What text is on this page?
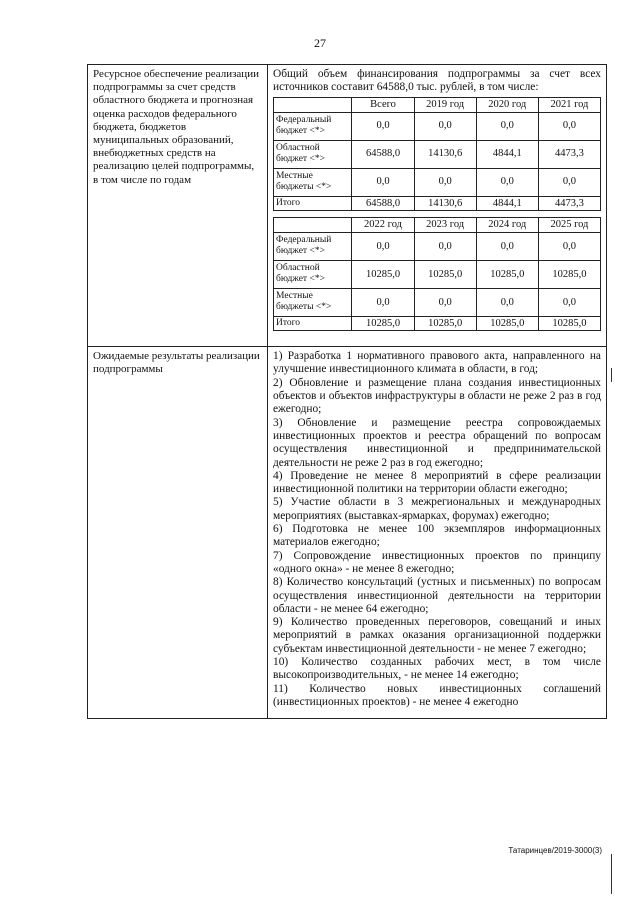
27
Ресурсное обеспечение реализации подпрограммы за счет средств областного бюджета и прогнозная оценка расходов федерального бюджета, бюджетов муниципальных образований, внебюджетных средств на реализацию целей подпрограммы, в том числе по годам	
Общий объем финансирования подпрограммы за счет всех источников составит 64588,0 тыс. рублей, в том числе:
	Всего	2019 год	2020 год	2021 год
Федеральный бюджет <*>	0,0	0,0	0,0	0,0
Областной бюджет <*>	64588,0	14130,6	4844,1	4473,3
Местные бюджеты <*>	0,0	0,0	0,0	0,0
Итого	64588,0	14130,6	4844,1	4473,3
	2022 год	2023 год	2024 год	2025 год
Федеральный бюджет <*>	0,0	0,0	0,0	0,0
Областной бюджет <*>	10285,0	10285,0	10285,0	10285,0
Местные бюджеты <*>	0,0	0,0	0,0	0,0
Итого	10285,0	10285,0	10285,0	10285,0

Ожидаемые результаты реализации подпрограммы	

1) Разработка 1 нормативного правового акта, направленного на улучшение инвестиционного климата в области, в год;

2) Обновление и размещение плана создания инвестиционных объектов и объектов инфраструктуры в области не реже 2 раз в год ежегодно;

3) Обновление и размещение реестра сопровождаемых инвестиционных проектов и реестра обращений по вопросам осуществления инвестиционной и предпринимательской деятельности не реже 2 раз в год ежегодно;

4) Проведение не менее 8 мероприятий в сфере реализации инвестиционной политики на территории области ежегодно;

5) Участие области в 3 межрегиональных и международных мероприятиях (выставках-ярмарках, форумах) ежегодно;

6) Подготовка не менее 100 экземпляров информационных материалов ежегодно;

7) Сопровождение инвестиционных проектов по принципу «одного окна» - не менее 8 ежегодно;

8) Количество консультаций (устных и письменных) по вопросам осуществления инвестиционной деятельности на территории области - не менее 64 ежегодно;

9) Количество проведенных переговоров, совещаний и иных мероприятий в рамках оказания организационной поддержки субъектам инвестиционной деятельности - не менее 7 ежегодно;

10) Количество созданных рабочих мест, в том числе высокопроизводительных, - не менее 14 ежегодно;

11) Количество новых инвестиционных соглашений (инвестиционных проектов) - не менее 4 ежегодно

Татаринцев/2019-3000(3)
